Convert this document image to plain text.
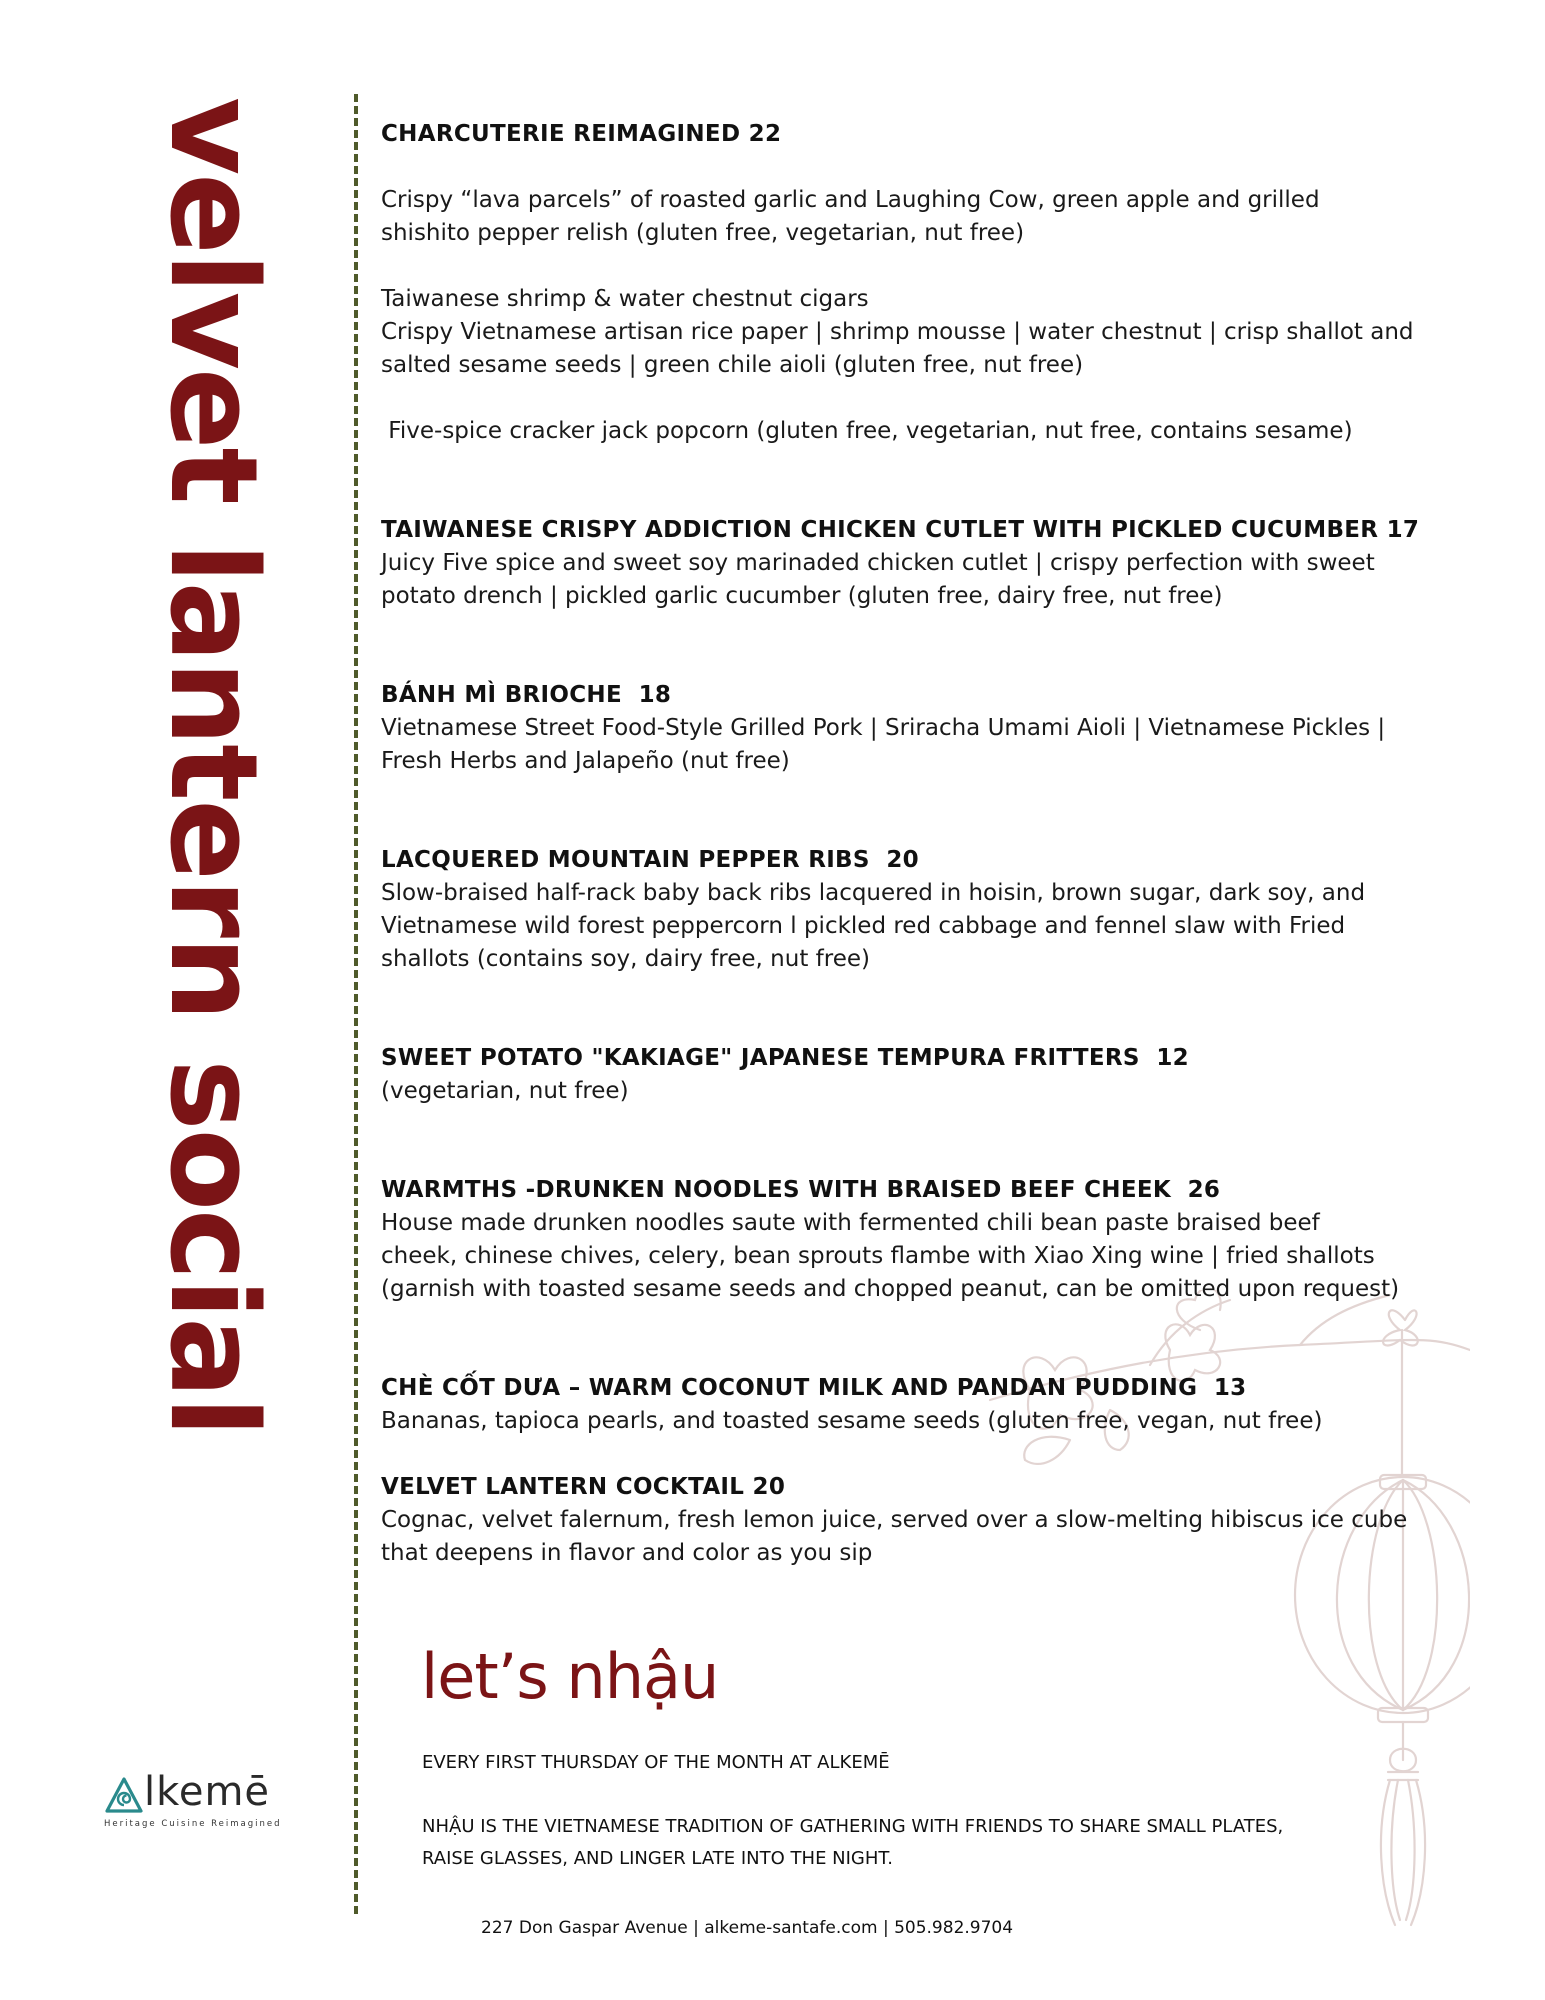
velvet lantern social
lkemē
Heritage Cuisine Reimagined
CHARCUTERIE REIMAGINED 22
Crispy “lava parcels” of roasted garlic and Laughing Cow, green apple and grilled
shishito pepper relish (gluten free, vegetarian, nut free)
Taiwanese shrimp & water chestnut cigars
Crispy Vietnamese artisan rice paper | shrimp mousse | water chestnut | crisp shallot and
salted sesame seeds | green chile aioli (gluten free, nut free)
Five-spice cracker jack popcorn (gluten free, vegetarian, nut free, contains sesame)
TAIWANESE CRISPY ADDICTION CHICKEN CUTLET WITH PICKLED CUCUMBER 17
Juicy Five spice and sweet soy marinaded chicken cutlet | crispy perfection with sweet
potato drench | pickled garlic cucumber (gluten free, dairy free, nut free)
BÁNH MÌ BRIOCHE  18
Vietnamese Street Food-Style Grilled Pork | Sriracha Umami Aioli | Vietnamese Pickles |
Fresh Herbs and Jalapeño (nut free)
LACQUERED MOUNTAIN PEPPER RIBS  20
Slow-braised half-rack baby back ribs lacquered in hoisin, brown sugar, dark soy, and
Vietnamese wild forest peppercorn l pickled red cabbage and fennel slaw with Fried
shallots (contains soy, dairy free, nut free)
SWEET POTATO "KAKIAGE" JAPANESE TEMPURA FRITTERS  12
(vegetarian, nut free)
WARMTHS -DRUNKEN NOODLES WITH BRAISED BEEF CHEEK  26
House made drunken noodles saute with fermented chili bean paste braised beef
cheek, chinese chives, celery, bean sprouts flambe with Xiao Xing wine | fried shallots
(garnish with toasted sesame seeds and chopped peanut, can be omitted upon request)
CHÈ CỐT DƯA – WARM COCONUT MILK AND PANDAN PUDDING  13
Bananas, tapioca pearls, and toasted sesame seeds (gluten free, vegan, nut free)
VELVET LANTERN COCKTAIL 20
Cognac, velvet falernum, fresh lemon juice, served over a slow-melting hibiscus ice cube
that deepens in flavor and color as you sip
let’s nhậu
EVERY FIRST THURSDAY OF THE MONTH AT ALKEMĒ
NHẬU IS THE VIETNAMESE TRADITION OF GATHERING WITH FRIENDS TO SHARE SMALL PLATES,
RAISE GLASSES, AND LINGER LATE INTO THE NIGHT.
227 Don Gaspar Avenue | alkeme-santafe.com | 505.982.9704
